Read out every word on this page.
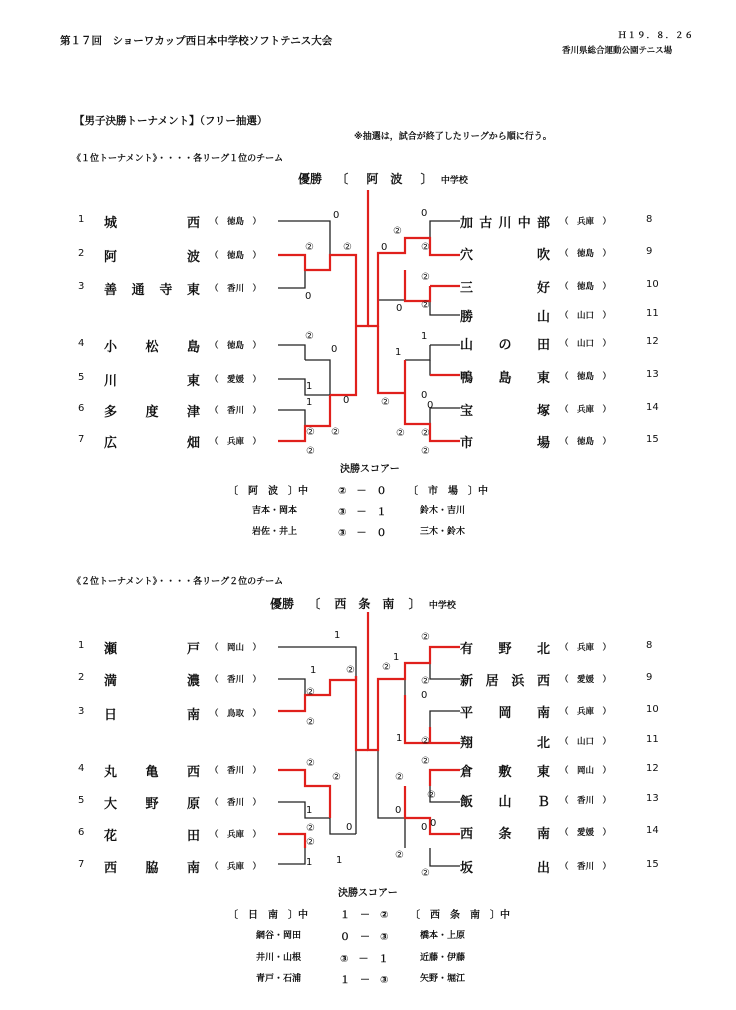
第１７回　ショーワカップ西日本中学校ソフトテニス大会	Ｈ１９．８．２６
香川県総合運動公園テニス場
【男子決勝トーナメント】（フリー抽選）
※抽選は，試合が終了したリーグから順に行う。
《１位トーナメント》・・・・各リーグ１位のチーム
優勝 〔 阿　波 〕 中学校
1 城　　西 （　徳島　）
2 阿　　波 （　徳島　）
3 善通寺東 （　香川　）
4 小 松 島 （　徳島　）
5 川　　東 （　愛媛　）
6 多 度 津 （　香川　）
7 広　　畑 （　兵庫　）
加古川中部 （　兵庫　）	8
穴　　吹 （　徳島　）	9
三　　好 （　徳島　）	10
勝　　山 （　山口　）	11
山 の 田 （　山口　）	12
鴨 島 東 （　徳島　）	13
宝　　塚 （　兵庫　）	14
市　　場 （　徳島　）	15
決勝スコアー
〔　阿　波　〕中	②　－　０ 〔　市　場　〕中
吉本・岡本	③　－　１	鈴木・吉川
岩佐・井上	③　－　０	三木・鈴木
《２位トーナメント》・・・・各リーグ２位のチーム
優勝 〔 西　条　南 〕 中学校
1 瀬　　戸 （　岡山　）
2 満　　濃 （　香川　）
3 日　　南 （　鳥取　）
4 丸 亀 西 （　香川　）
5 大 野 原 （　香川　）
6 花　　田 （　兵庫　）
7 西 脇 南 （　兵庫　）
有 野 北 （　兵庫　）	8
新居浜西 （　愛媛　）	9
平 岡 南 （　兵庫　）	10
翔　　北 （　山口　）	11
倉 敷 東 （　岡山　）	12
飯 山 Ｂ （　香川　）	13
西 条 南 （　愛媛　）	14
坂　　出 （　香川　）	15
決勝スコアー
〔　日　南　〕中	１　－　② 〔　西　条　南　〕中
網谷・岡田	０　－　③	橋本・上原
井川・山根	③　－　１	近藤・伊藤
青戸・石浦	１　－　③	矢野・堀江
0
②	②
0
②
0
1
1	0
② ②
②
0
②
0	②
②
0 ②
1
1
0
0
②
② ②
②
1
1	②
②
②
②
1
0
②
②
1
②
②
1
②
②
0
1 ②
②
②
0
0
②
②
②
0
1
